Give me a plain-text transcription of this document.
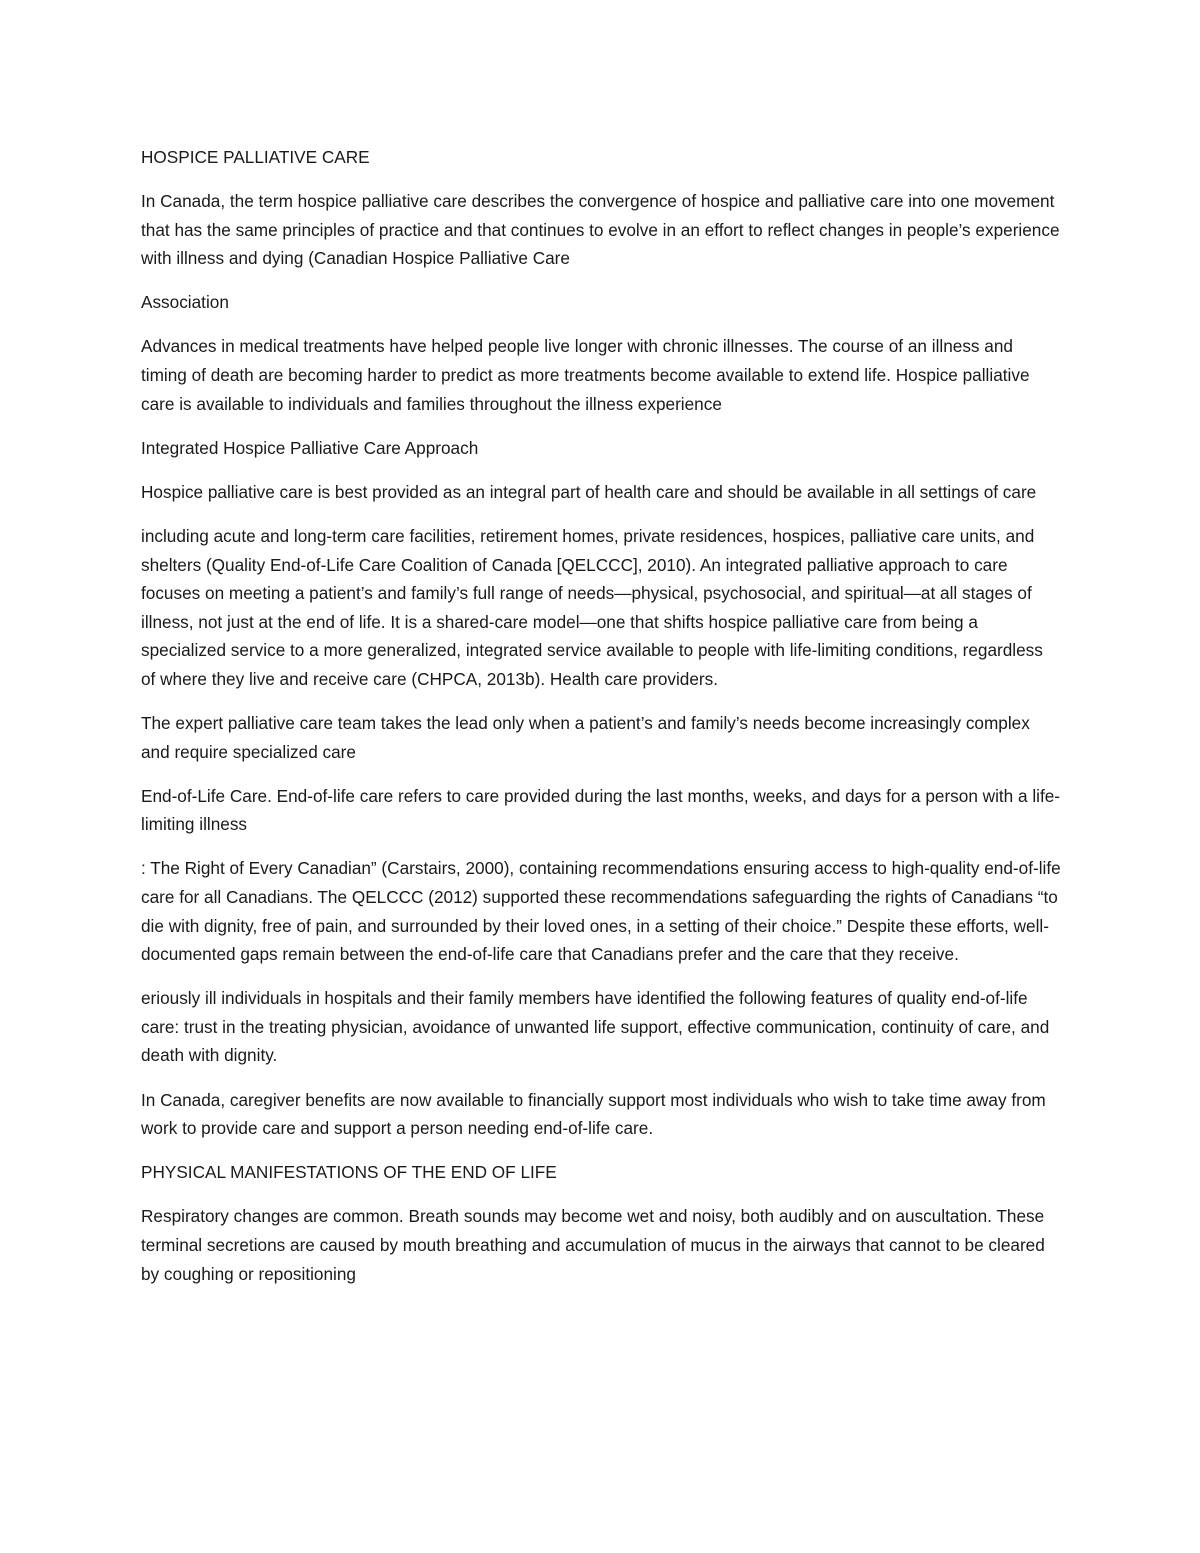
HOSPICE PALLIATIVE CARE

In Canada, the term hospice palliative care describes the convergence of hospice and palliative care into one movement that has the same principles of practice and that continues to evolve in an effort to reflect changes in people’s experience with illness and dying (Canadian Hospice Palliative Care

Association

Advances in medical treatments have helped people live longer with chronic illnesses. The course of an illness and timing of death are becoming harder to predict as more treatments become available to extend life. Hospice palliative care is available to individuals and families throughout the illness experience

Integrated Hospice Palliative Care Approach

Hospice palliative care is best provided as an integral part of health care and should be available in all settings of care

including acute and long-term care facilities, retirement homes, private residences, hospices, palliative care units, and shelters (Quality End-of-Life Care Coalition of Canada [QELCCC], 2010). An integrated palliative approach to care focuses on meeting a patient’s and family’s full range of needs—physical, psychosocial, and spiritual—at all stages of illness, not just at the end of life. It is a shared-care model—one that shifts hospice palliative care from being a specialized service to a more generalized, integrated service available to people with life-limiting conditions, regardless of where they live and receive care (CHPCA, 2013b). Health care providers.

The expert palliative care team takes the lead only when a patient’s and family’s needs become increasingly complex and require specialized care

End-of-Life Care. End-of-life care refers to care provided during the last months, weeks, and days for a person with a life-limiting illness

: The Right of Every Canadian” (Carstairs, 2000), containing recommendations ensuring access to high-quality end-of-life care for all Canadians. The QELCCC (2012) supported these recommendations safeguarding the rights of Canadians “to die with dignity, free of pain, and surrounded by their loved ones, in a setting of their choice.” Despite these efforts, well-documented gaps remain between the end-of-life care that Canadians prefer and the care that they receive.

eriously ill individuals in hospitals and their family members have identified the following features of quality end-of-life care: trust in the treating physician, avoidance of unwanted life support, effective communication, continuity of care, and death with dignity.

In Canada, caregiver benefits are now available to financially support most individuals who wish to take time away from work to provide care and support a person needing end-of-life care.

PHYSICAL MANIFESTATIONS OF THE END OF LIFE

Respiratory changes are common. Breath sounds may become wet and noisy, both audibly and on auscultation. These terminal secretions are caused by mouth breathing and accumulation of mucus in the airways that cannot to be cleared by coughing or repositioning
